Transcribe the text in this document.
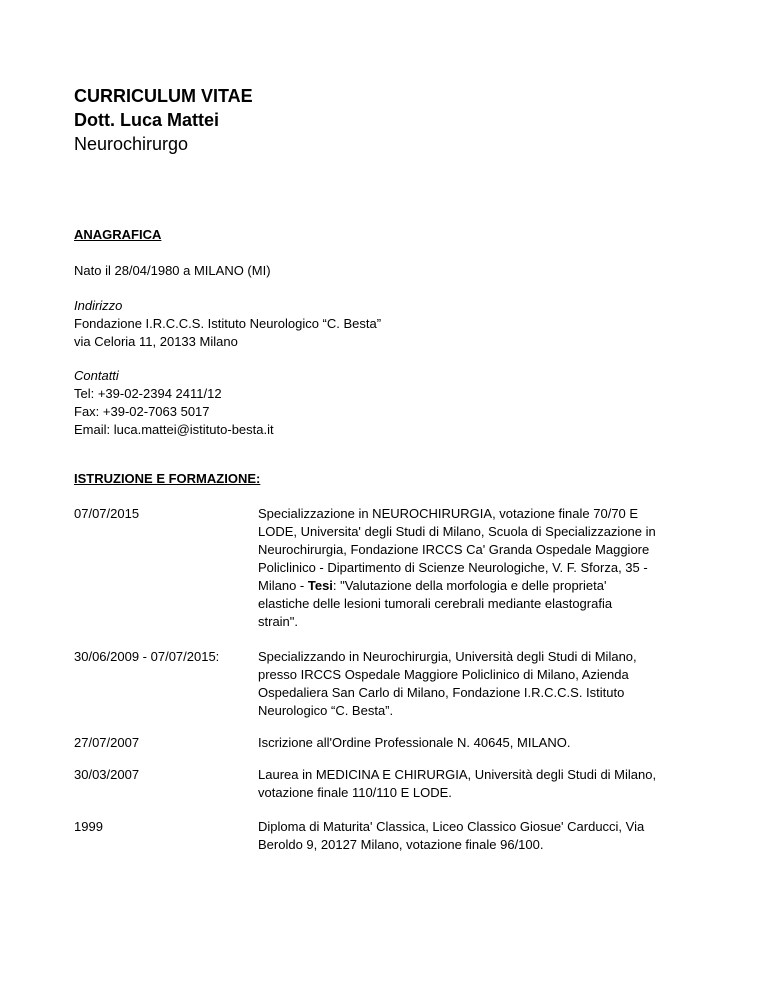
CURRICULUM VITAE

Dott. Luca Mattei

Neurochirurgo

ANAGRAFICA

Nato il 28/04/1980 a MILANO (MI)

Indirizzo

Fondazione I.R.C.C.S. Istituto Neurologico “C. Besta”

via Celoria 11, 20133 Milano

Contatti

Tel: +39-02-2394 2411/12

Fax: +39-02-7063 5017

Email: luca.mattei@istituto-besta.it

ISTRUZIONE E FORMAZIONE:

07/07/2015	Specializzazione in NEUROCHIRURGIA, votazione finale 70/70 E

LODE, Universita' degli Studi di Milano, Scuola di Specializzazione in

Neurochirurgia, Fondazione IRCCS Ca' Granda Ospedale Maggiore

Policlinico - Dipartimento di Scienze Neurologiche, V. F. Sforza, 35 -

Milano - Tesi: "Valutazione della morfologia e delle proprieta'

elastiche delle lesioni tumorali cerebrali mediante elastografia

strain".

30/06/2009 - 07/07/2015:	Specializzando in Neurochirurgia, Università degli Studi di Milano,

presso IRCCS Ospedale Maggiore Policlinico di Milano, Azienda

Ospedaliera San Carlo di Milano, Fondazione I.R.C.C.S. Istituto

Neurologico “C. Besta”.

27/07/2007	Iscrizione all'Ordine Professionale N. 40645, MILANO.

30/03/2007	Laurea in MEDICINA E CHIRURGIA, Università degli Studi di Milano,

votazione finale 110/110 E LODE.

1999	Diploma di Maturita' Classica, Liceo Classico Giosue' Carducci, Via

Beroldo 9, 20127 Milano, votazione finale 96/100.
